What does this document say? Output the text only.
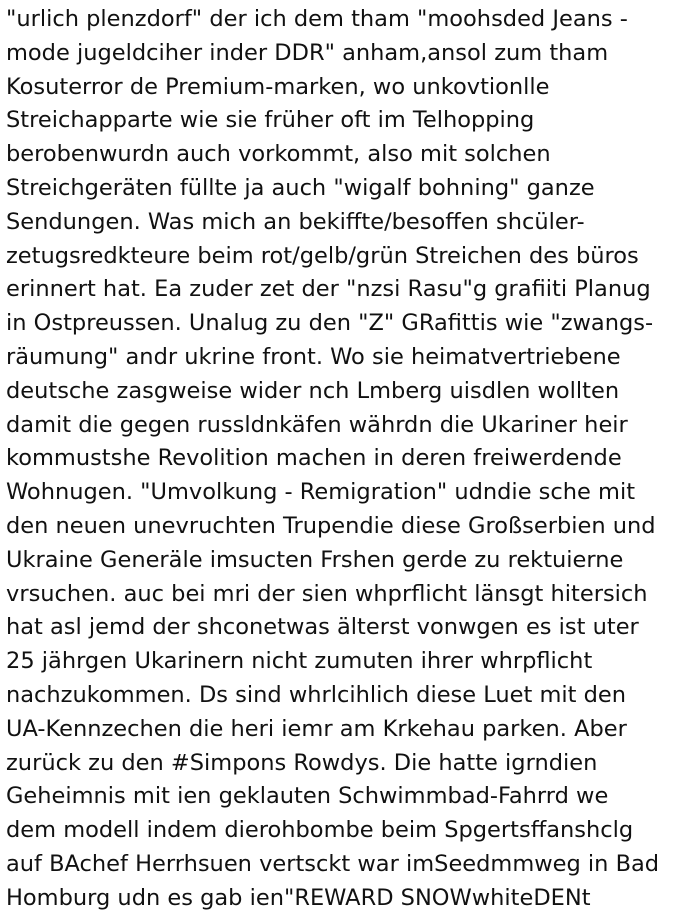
"urlich plenzdorf" der ich dem tham "moohsded Jeans -
mode jugeldciher inder DDR" anham,ansol zum tham
Kosuterror de Premium-marken, wo unkovtionlle
Streichapparte wie sie früher oft im Telhopping
berobenwurdn auch vorkommt, also mit solchen
Streichgeräten füllte ja auch "wigalf bohning" ganze
Sendungen. Was mich an bekiffte/besoffen shcüler-
zetugsredkteure beim rot/gelb/grün Streichen des büros
erinnert hat. Ea zuder zet der "nzsi Rasu"g grafiiti Planug
in Ostpreussen. Unalug zu den "Z" GRafittis wie "zwangs-
räumung" andr ukrine front. Wo sie heimatvertriebene
deutsche zasgweise wider nch Lmberg uisdlen wollten
damit die gegen russldnkäfen währdn die Ukariner heir
kommustshe Revolition machen in deren freiwerdende
Wohnugen. "Umvolkung - Remigration" udndie sche mit
den neuen unevruchten Trupendie diese Großserbien und
Ukraine Generäle imsucten Frshen gerde zu rektuierne
vrsuchen. auc bei mri der sien whprflicht länsgt hitersich
hat asl jemd der shconetwas älterst vonwgen es ist uter
25 jährgen Ukarinern nicht zumuten ihrer whrpflicht
nachzukommen. Ds sind whrlcihlich diese Luet mit den
UA-Kennzechen die heri iemr am Krkehau parken. Aber
zurück zu den #Simpons Rowdys. Die hatte igrndien
Geheimnis mit ien geklauten Schwimmbad-Fahrrd we
dem modell indem dierohbombe beim Spgertsffanshclg
auf BAchef Herrhsuen vertsckt war imSeedmmweg in Bad
Homburg udn es gab ien"REWARD SNOWwhiteDENt
